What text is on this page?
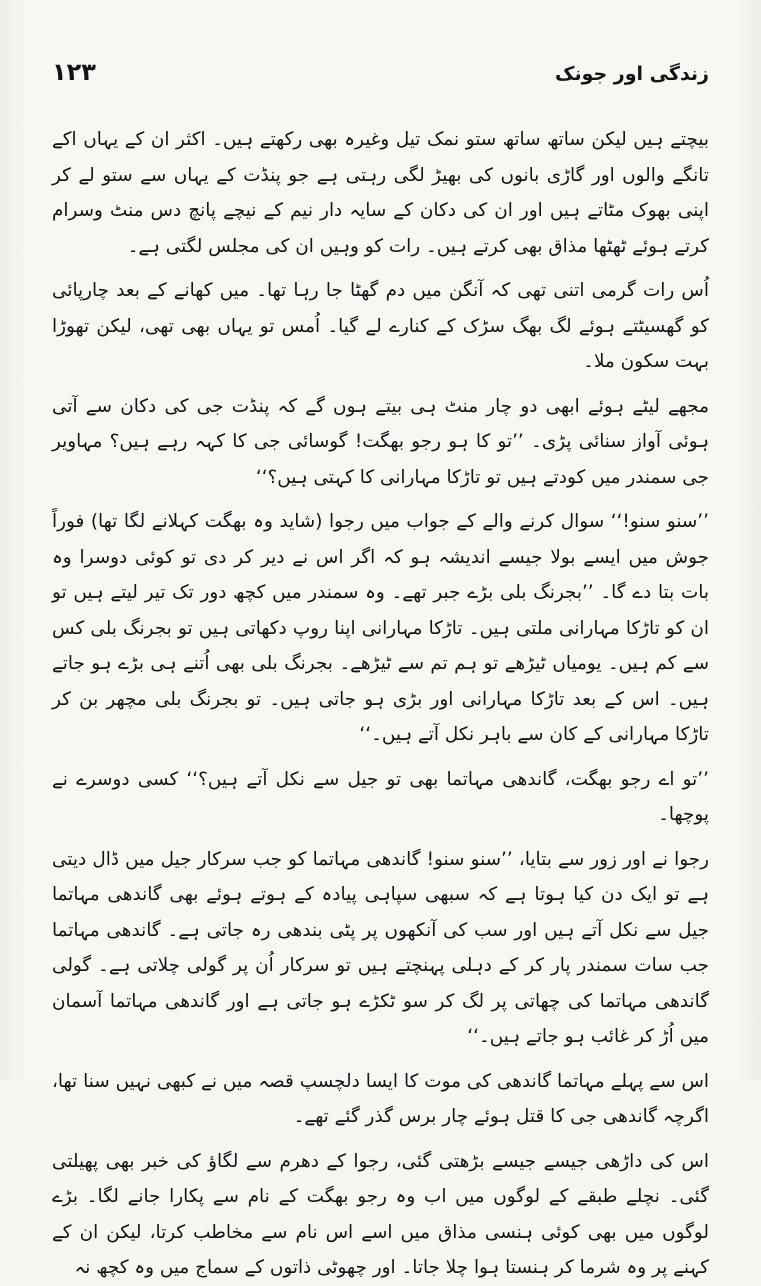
زندگی اور جونک
١٢٣

بیچتے ہیں لیکن ساتھ ساتھ ستو نمک تیل وغیرہ بھی رکھتے ہیں۔ اکثر ان کے یہاں اکے تانگے والوں اور گاڑی بانوں کی بھیڑ لگی رہتی ہے جو پنڈت کے یہاں سے ستو لے کر اپنی بھوک مٹاتے ہیں اور ان کی دکان کے سایہ دار نیم کے نیچے پانچ دس منٹ وسرام کرتے ہوئے ٹھٹھا مذاق بھی کرتے ہیں۔ رات کو وہیں ان کی مجلس لگتی ہے۔

اُس رات گرمی اتنی تھی کہ آنگن میں دم گھٹا جا رہا تھا۔ میں کھانے کے بعد چارپائی کو گھسیٹتے ہوئے لگ بھگ سڑک کے کنارے لے گیا۔ اُمس تو یہاں بھی تھی، لیکن تھوڑا بہت سکون ملا۔

مجھے لیٹے ہوئے ابھی دو چار منٹ ہی بیتے ہوں گے کہ پنڈت جی کی دکان سے آتی ہوئی آواز سنائی پڑی۔ ’’تو کا ہو رجو بھگت! گوسائی جی کا کہہ رہے ہیں؟ مہاویر جی سمندر میں کودتے ہیں تو تاڑکا مہارانی کا کہتی ہیں؟‘‘

’’سنو سنو!‘‘ سوال کرنے والے کے جواب میں رجوا (شاید وہ بھگت کہلانے لگا تھا) فوراً جوش میں ایسے بولا جیسے اندیشہ ہو کہ اگر اس نے دیر کر دی تو کوئی دوسرا وہ بات بتا دے گا۔ ’’بجرنگ بلی بڑے جبر تھے۔ وہ سمندر میں کچھ دور تک تیر لیتے ہیں تو ان کو تاڑکا مہارانی ملتی ہیں۔ تاڑکا مہارانی اپنا روپ دکھاتی ہیں تو بجرنگ بلی کس سے کم ہیں۔ یومیاں ٹیڑھے تو ہم تم سے ٹیڑھے۔ بجرنگ بلی بھی اُتنے ہی بڑے ہو جاتے ہیں۔ اس کے بعد تاڑکا مہارانی اور بڑی ہو جاتی ہیں۔ تو بجرنگ بلی مچھر بن کر تاڑکا مہارانی کے کان سے باہر نکل آتے ہیں۔‘‘

’’تو اے رجو بھگت، گاندھی مہاتما بھی تو جیل سے نکل آتے ہیں؟‘‘ کسی دوسرے نے پوچھا۔

رجوا نے اور زور سے بتایا، ’’سنو سنو! گاندھی مہاتما کو جب سرکار جیل میں ڈال دیتی ہے تو ایک دن کیا ہوتا ہے کہ سبھی سپاہی پیادہ کے ہوتے ہوئے بھی گاندھی مہاتما جیل سے نکل آتے ہیں اور سب کی آنکھوں پر پٹی بندھی رہ جاتی ہے۔ گاندھی مہاتما جب سات سمندر پار کر کے دہلی پہنچتے ہیں تو سرکار اُن پر گولی چلاتی ہے۔ گولی گاندھی مہاتما کی چھاتی پر لگ کر سو ٹکڑے ہو جاتی ہے اور گاندھی مہاتما آسمان میں اُڑ کر غائب ہو جاتے ہیں۔‘‘

اس سے پہلے مہاتما گاندھی کی موت کا ایسا دلچسپ قصہ میں نے کبھی نہیں سنا تھا، اگرچہ گاندھی جی کا قتل ہوئے چار برس گذر گئے تھے۔

اس کی داڑھی جیسے جیسے بڑھتی گئی، رجوا کے دھرم سے لگاؤ کی خبر بھی پھیلتی گئی۔ نچلے طبقے کے لوگوں میں اب وہ رجو بھگت کے نام سے پکارا جانے لگا۔ بڑے لوگوں میں بھی کوئی ہنسی مذاق میں اسے اس نام سے مخاطب کرتا، لیکن ان کے کہنے پر وہ شرما کر ہنستا ہوا چلا جاتا۔ اور چھوٹی ذاتوں کے سماج میں وہ کچھ نہ
